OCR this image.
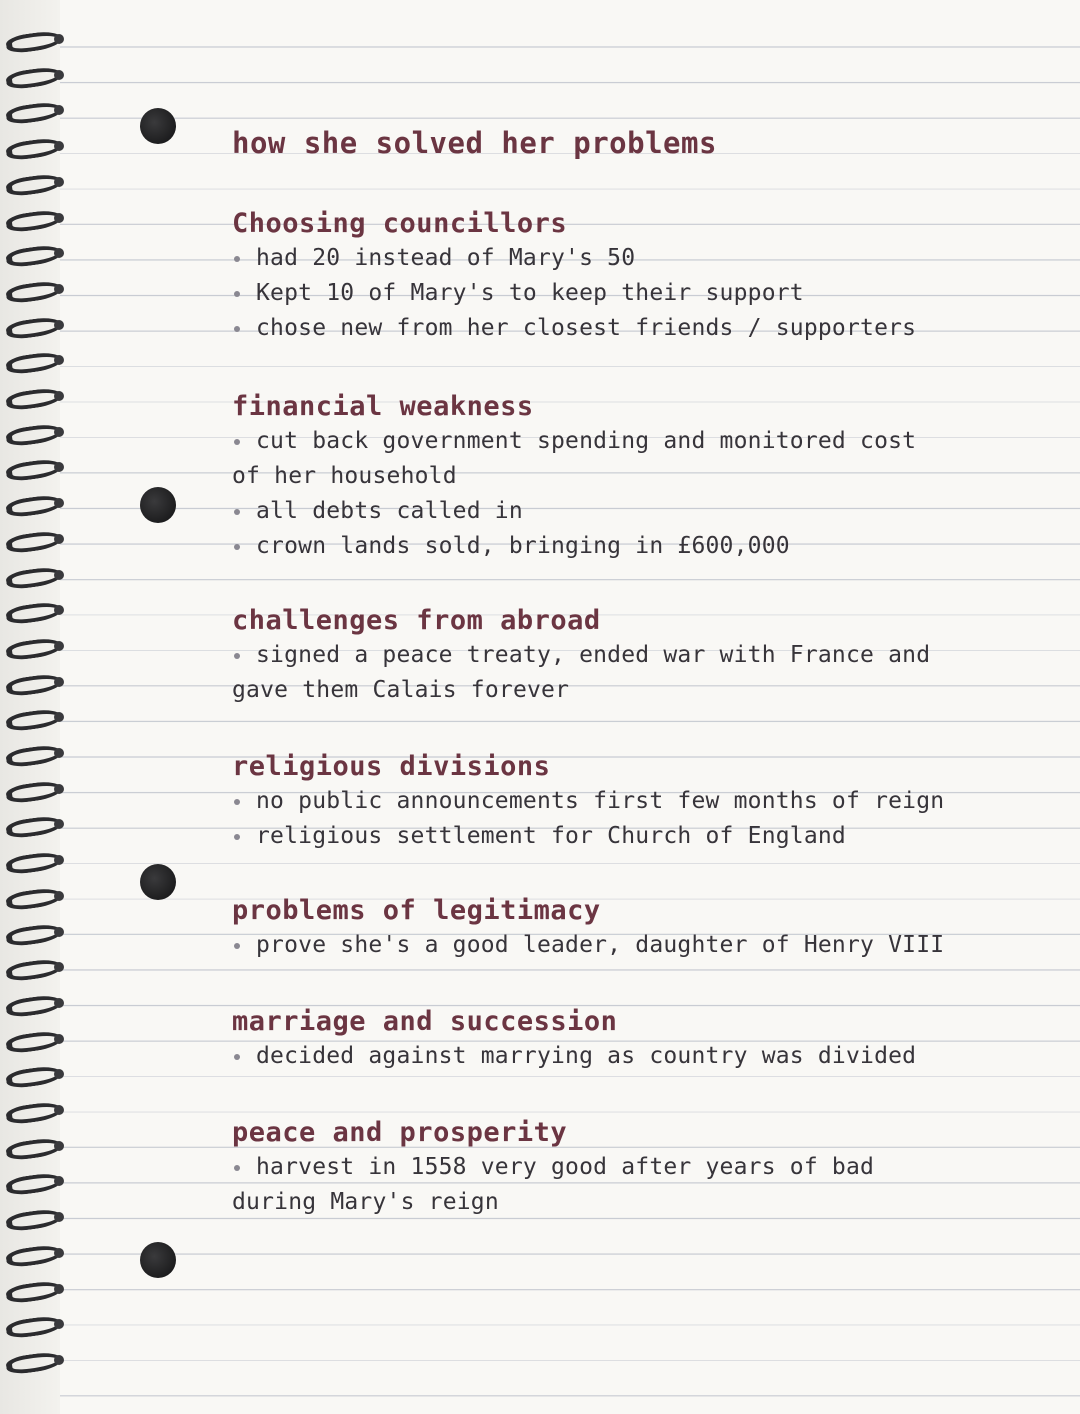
how she solved her problems
Choosing councillors

had 20 instead of Mary's 50

Kept 10 of Mary's to keep their support

chose new from her closest friends / supporters

financial weakness

cut back government spending and monitored cost

of her household

all debts called in

crown lands sold, bringing in £600,000

challenges from abroad

signed a peace treaty, ended war with France and

gave them Calais forever

religious divisions

no public announcements first few months of reign

religious settlement for Church of England

problems of legitimacy

prove she's a good leader, daughter of Henry VIII

marriage and succession

decided against marrying as country was divided

peace and prosperity

harvest in 1558 very good after years of bad

during Mary's reign
